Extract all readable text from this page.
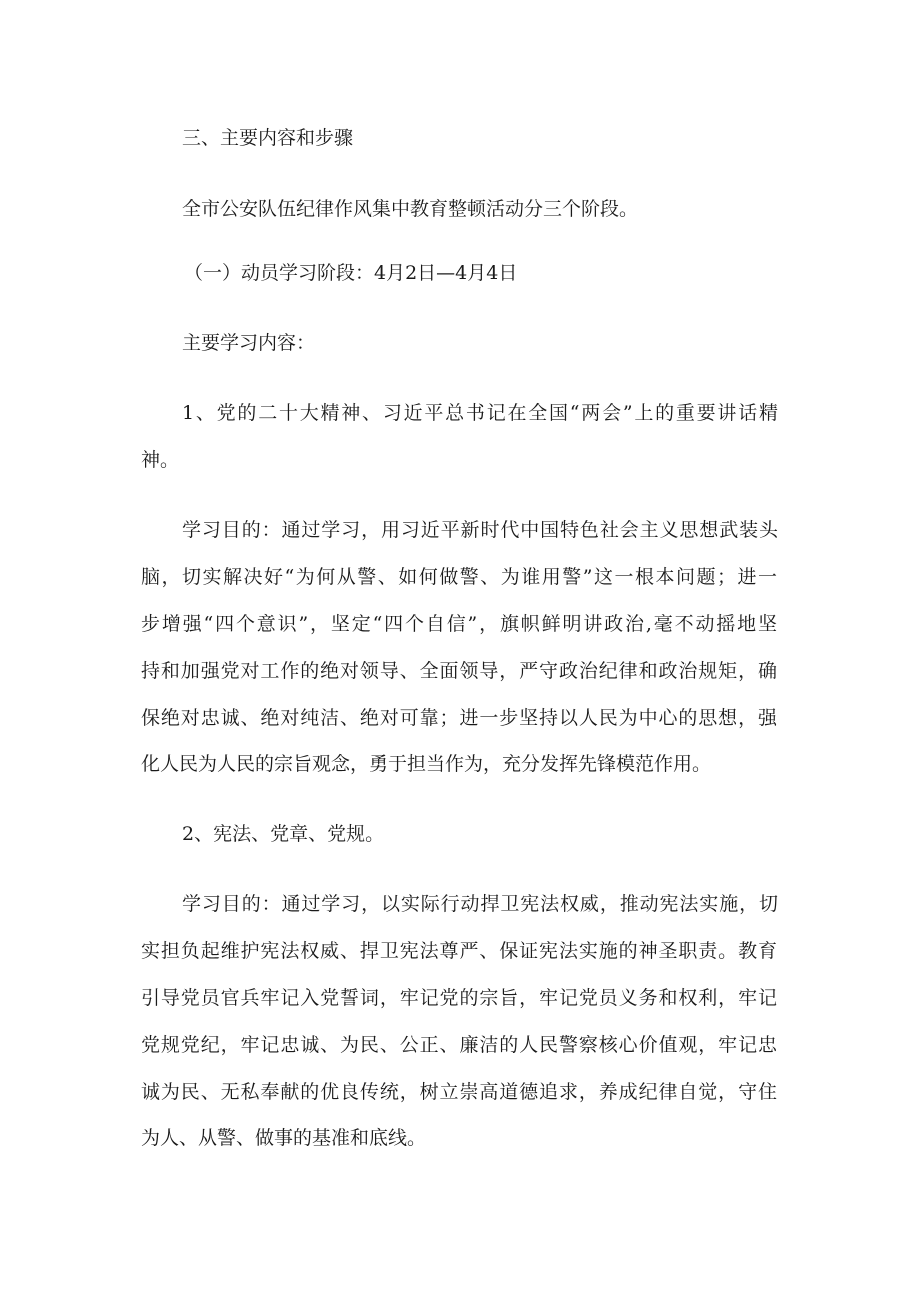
三、主要内容和步骤
全市公安队伍纪律作风集中教育整顿活动分三个阶段。
（一）动员学习阶段：4月2日—4月4日
主要学习内容：
1、党的二十大精神、习近平总书记在全国“两会”上的重要讲话精
神。
学习目的：通过学习，用习近平新时代中国特色社会主义思想武装头
脑，切实解决好“为何从警、如何做警、为谁用警”这一根本问题；进一
步增强“四个意识”，坚定“四个自信”，旗帜鲜明讲政治,毫不动摇地坚
持和加强党对工作的绝对领导、全面领导，严守政治纪律和政治规矩，确
保绝对忠诚、绝对纯洁、绝对可靠；进一步坚持以人民为中心的思想，强
化人民为人民的宗旨观念，勇于担当作为，充分发挥先锋模范作用。
2、宪法、党章、党规。
学习目的：通过学习，以实际行动捍卫宪法权威，推动宪法实施，切
实担负起维护宪法权威、捍卫宪法尊严、保证宪法实施的神圣职责。教育
引导党员官兵牢记入党誓词，牢记党的宗旨，牢记党员义务和权利，牢记
党规党纪，牢记忠诚、为民、公正、廉洁的人民警察核心价值观，牢记忠
诚为民、无私奉献的优良传统，树立崇高道德追求，养成纪律自觉，守住
为人、从警、做事的基准和底线。
